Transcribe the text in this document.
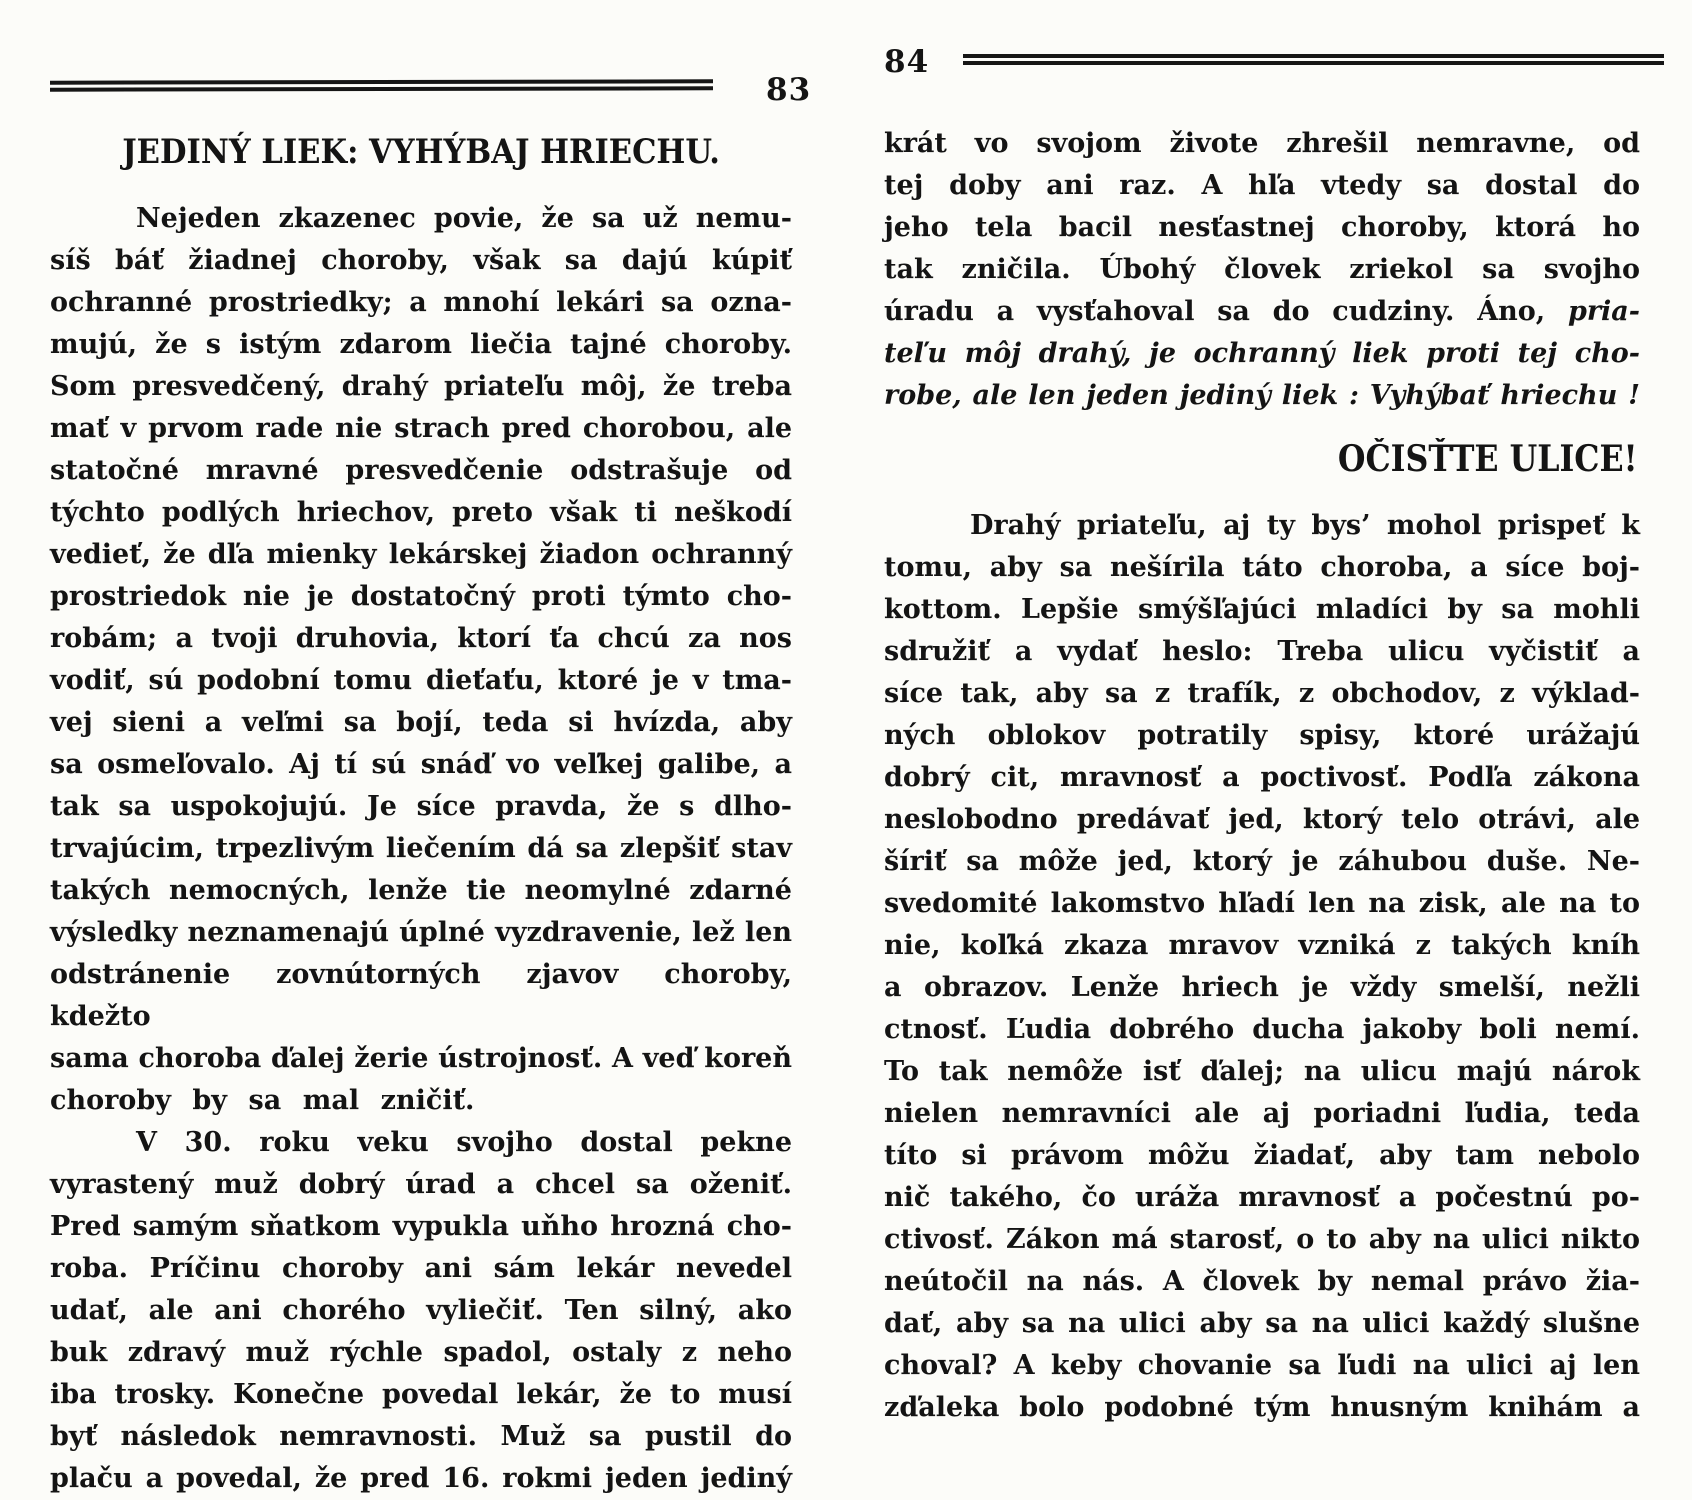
83
JEDINÝ LIEK: VYHÝBAJ HRIECHU.
Nejeden zkazenec povie, že sa už nemu-
síš báť žiadnej choroby, však sa dajú kúpiť
ochranné prostriedky; a mnohí lekári sa ozna-
mujú, že s istým zdarom liečia tajné choroby.
Som presvedčený, drahý priateľu môj, že treba
mať v prvom rade nie strach pred chorobou, ale
statočné mravné presvedčenie odstrašuje od
týchto podlých hriechov, preto však ti neškodí
vedieť, že dľa mienky lekárskej žiadon ochranný
prostriedok nie je dostatočný proti týmto cho-
robám; a tvoji druhovia, ktorí ťa chcú za nos
vodiť, sú podobní tomu dieťaťu, ktoré je v tma-
vej sieni a veľmi sa bojí, teda si hvízda, aby
sa osmeľovalo. Aj tí sú snáď vo veľkej galibe, a
tak sa uspokojujú. Je síce pravda, že s dlho-
trvajúcim, trpezlivým liečením dá sa zlepšiť stav
takých nemocných, lenže tie neomylné zdarné
výsledky neznamenajú úplné vyzdravenie, lež len
odstránenie zovnútorných zjavov choroby, kdežto
sama choroba ďalej žerie ústrojnosť. A veď koreň
choroby by sa mal zničiť.
V 30. roku veku svojho dostal pekne
vyrastený muž dobrý úrad a chcel sa oženiť.
Pred samým sňatkom vypukla uňho hrozná cho-
roba. Príčinu choroby ani sám lekár nevedel
udať, ale ani chorého vyliečiť. Ten silný, ako
buk zdravý muž rýchle spadol, ostaly z neho
iba trosky. Konečne povedal lekár, že to musí
byť následok nemravnosti. Muž sa pustil do
plaču a povedal, že pred 16. rokmi jeden jediný
84
krát vo svojom živote zhrešil nemravne, od
tej doby ani raz. A hľa vtedy sa dostal do
jeho tela bacil nesťastnej choroby, ktorá ho
tak zničila. Úbohý človek zriekol sa svojho
úradu a vysťahoval sa do cudziny. Áno, pria-
teľu môj drahý, je ochranný liek proti tej cho-
robe, ale len jeden jediný liek : Vyhýbať hriechu !
OČISŤTE ULICE!
Drahý priateľu, aj ty bys’ mohol prispeť k
tomu, aby sa nešírila táto choroba, a síce boj-
kottom. Lepšie smýšľajúci mladíci by sa mohli
sdružiť a vydať heslo: Treba ulicu vyčistiť a
síce tak, aby sa z trafík, z obchodov, z výklad-
ných oblokov potratily spisy, ktoré urážajú
dobrý cit, mravnosť a poctivosť. Podľa zákona
neslobodno predávať jed, ktorý telo otrávi, ale
šíriť sa môže jed, ktorý je záhubou duše. Ne-
svedomité lakomstvo hľadí len na zisk, ale na to
nie, koľká zkaza mravov vzniká z takých kníh
a obrazov. Lenže hriech je vždy smelší, nežli
ctnosť. Ľudia dobrého ducha jakoby boli nemí.
To tak nemôže isť ďalej; na ulicu majú nárok
nielen nemravníci ale aj poriadni ľudia, teda
títo si právom môžu žiadať, aby tam nebolo
nič takého, čo uráža mravnosť a počestnú po-
ctivosť. Zákon má starosť, o to aby na ulici nikto
neútočil na nás. A človek by nemal právo žia-
dať, aby sa na ulici aby sa na ulici každý slušne
choval? A keby chovanie sa ľudi na ulici aj len
zďaleka bolo podobné tým hnusným knihám a
